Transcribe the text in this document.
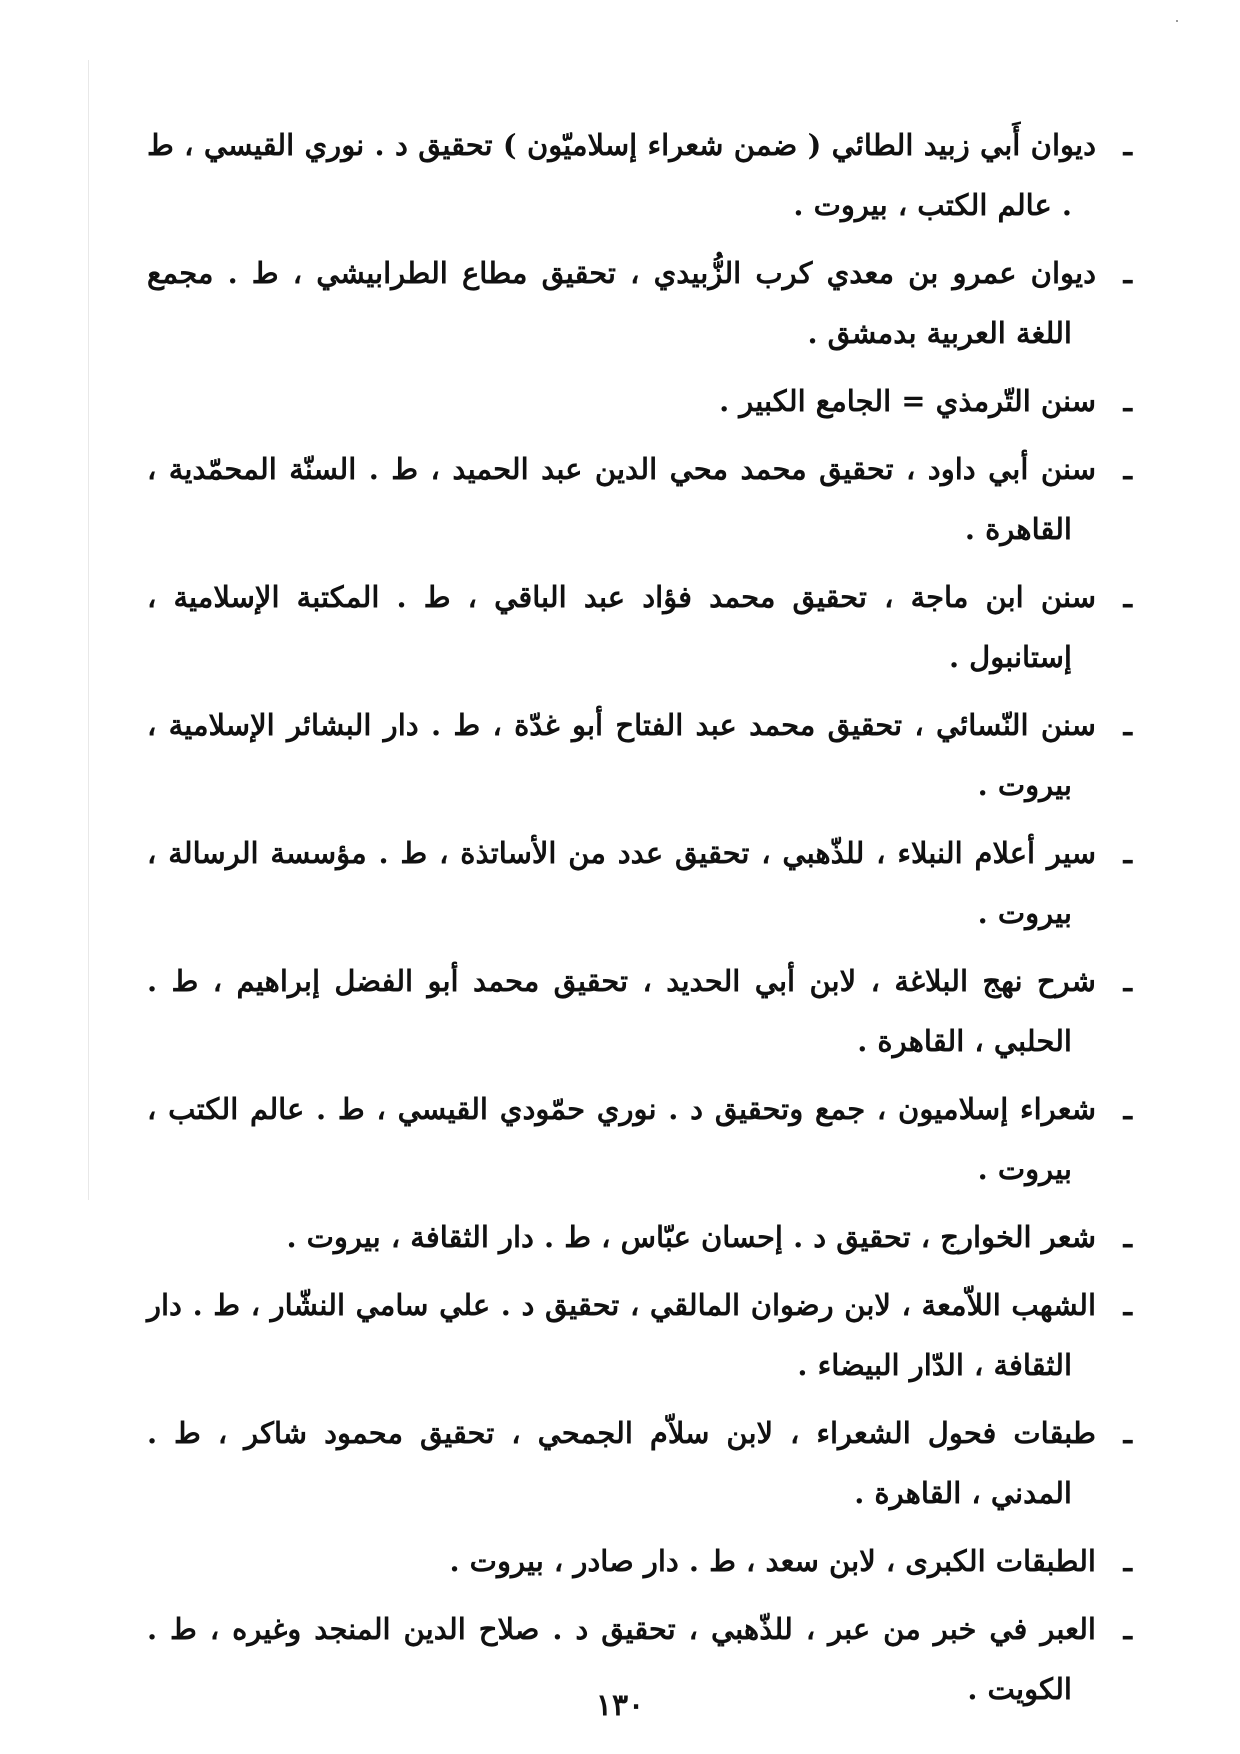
ـديوان أَبي زبيد الطائي ( ضمن شعراء إسلاميّون ) تحقيق د . نوري القيسي ، ط . عالم الكتب ، بيروت .
ـديوان عمرو بن معدي كرب الزُّبيدي ، تحقيق مطاع الطرابيشي ، ط . مجمع اللغة العربية بدمشق .
ـسنن التّرمذي = الجامع الكبير .
ـسنن أبي داود ، تحقيق محمد محي الدين عبد الحميد ، ط . السنّة المحمّدية ، القاهرة .
ـسنن ابن ماجة ، تحقيق محمد فؤاد عبد الباقي ، ط . المكتبة الإسلامية ، إستانبول .
ـسنن النّسائي ، تحقيق محمد عبد الفتاح أبو غدّة ، ط . دار البشائر الإسلامية ، بيروت .
ـسير أعلام النبلاء ، للذّهبي ، تحقيق عدد من الأساتذة ، ط . مؤسسة الرسالة ، بيروت .
ـشرح نهج البلاغة ، لابن أبي الحديد ، تحقيق محمد أبو الفضل إبراهيم ، ط . الحلبي ، القاهرة .
ـشعراء إسلاميون ، جمع وتحقيق د . نوري حمّودي القيسي ، ط . عالم الكتب ، بيروت .
ـشعر الخوارج ، تحقيق د . إحسان عبّاس ، ط . دار الثقافة ، بيروت .
ـالشهب اللاّمعة ، لابن رضوان المالقي ، تحقيق د . علي سامي النشّار ، ط . دار الثقافة ، الدّار البيضاء .
ـطبقات فحول الشعراء ، لابن سلاّم الجمحي ، تحقيق محمود شاكر ، ط . المدني ، القاهرة .
ـالطبقات الكبرى ، لابن سعد ، ط . دار صادر ، بيروت .
ـالعبر في خبر من عبر ، للذّهبي ، تحقيق د . صلاح الدين المنجد وغيره ، ط . الكويت .
١٣٠
